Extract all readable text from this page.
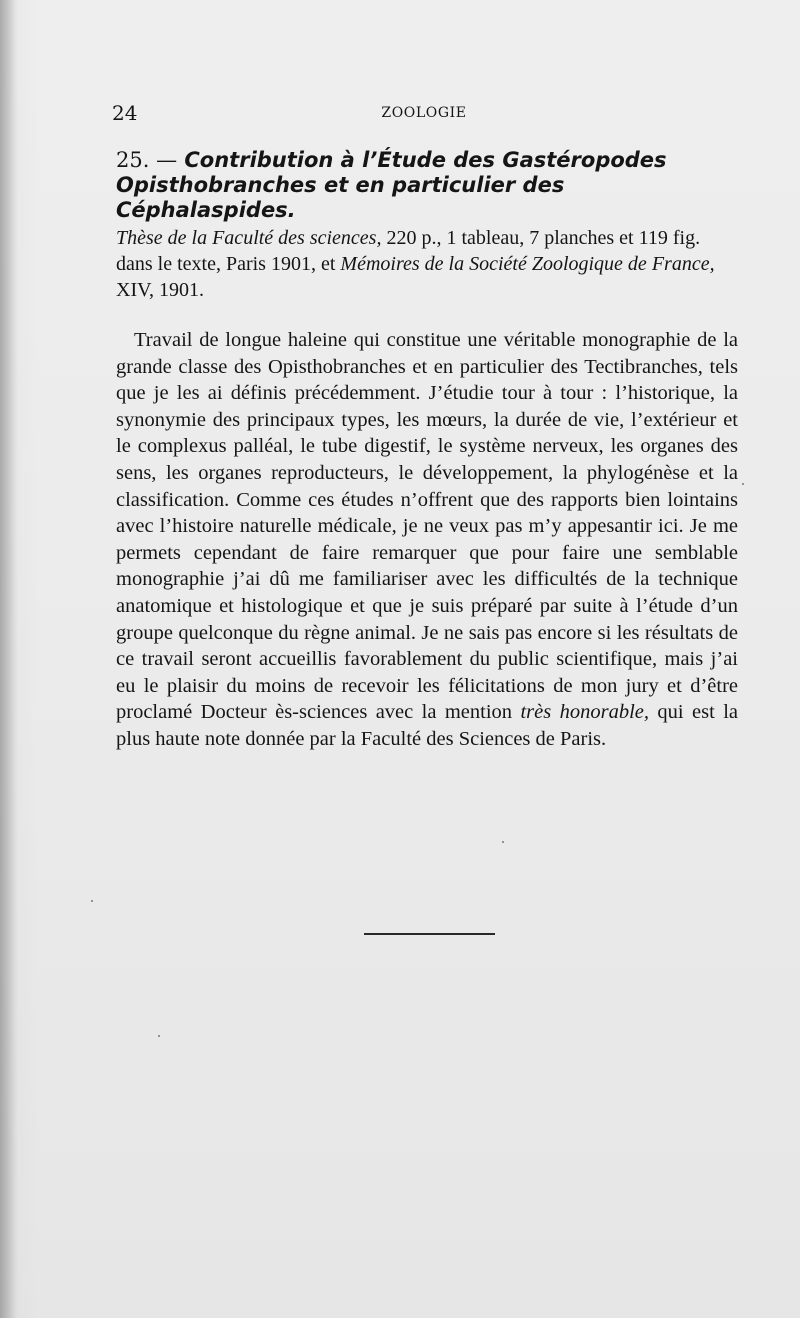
24	ZOOLOGIE

25. — Contribution à l’Étude des Gastéropodes Opisthobranches et en particulier des Céphalaspides.

Thèse de la Faculté des sciences, 220 p., 1 tableau, 7 planches et 119 fig. dans le texte, Paris 1901, et Mémoires de la Société Zoologique de France, XIV, 1901.

Travail de longue haleine qui constitue une véritable monographie de la grande classe des Opisthobranches et en particulier des Tectibranches, tels que je les ai définis précédemment. J’étudie tour à tour : l’historique, la synonymie des principaux types, les mœurs, la durée de vie, l’extérieur et le complexus palléal, le tube digestif, le système nerveux, les organes des sens, les organes reproducteurs, le développement, la phylogénèse et la classification. Comme ces études n’offrent que des rapports bien lointains avec l’histoire naturelle médicale, je ne veux pas m’y appesantir ici. Je me permets cependant de faire remarquer que pour faire une semblable monographie j’ai dû me familiariser avec les difficultés de la technique anatomique et histologique et que je suis préparé par suite à l’étude d’un groupe quelconque du règne animal. Je ne sais pas encore si les résultats de ce travail seront accueillis favorablement du public scientifique, mais j’ai eu le plaisir du moins de recevoir les félicitations de mon jury et d’être proclamé Docteur ès-sciences avec la mention très honorable, qui est la plus haute note donnée par la Faculté des Sciences de Paris.
